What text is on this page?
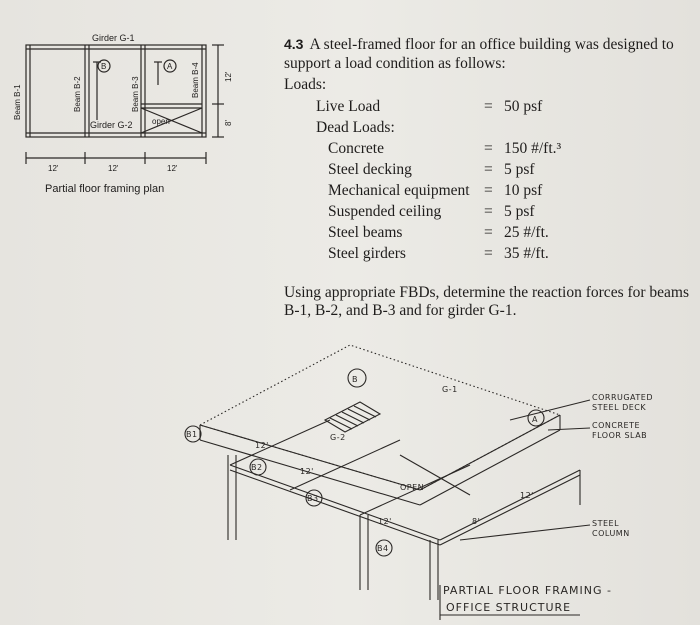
Girder G-1
Girder G-2
B	A
open
12'	12'	12'
Beam B-1	Beam B-2	Beam B-3	Beam B-4	12'
8'
B
A
B1
B2
B3
B4
G-1
G-2
OPEN
12'
12'
12'	8'
12'
CORRUGATED
STEEL DECK
CONCRETE
FLOOR SLAB
STEEL
COLUMN
PARTIAL FLOOR FRAMING -
OFFICE STRUCTURE
Partial floor framing plan
4.3 A steel-framed floor for an office building was designed to support a load condition as follows:
Loads:
Live Load	= 50 psf
Dead Loads:
Concrete	= 150 #/ft.³
Steel decking	= 5 psf
Mechanical equipment = 10 psf
Suspended ceiling	= 5 psf
Steel beams	= 25 #/ft.
Steel girders	= 35 #/ft.
Using appropriate FBDs, determine the reaction forces for beams B-1, B-2, and B-3 and for girder G-1.
